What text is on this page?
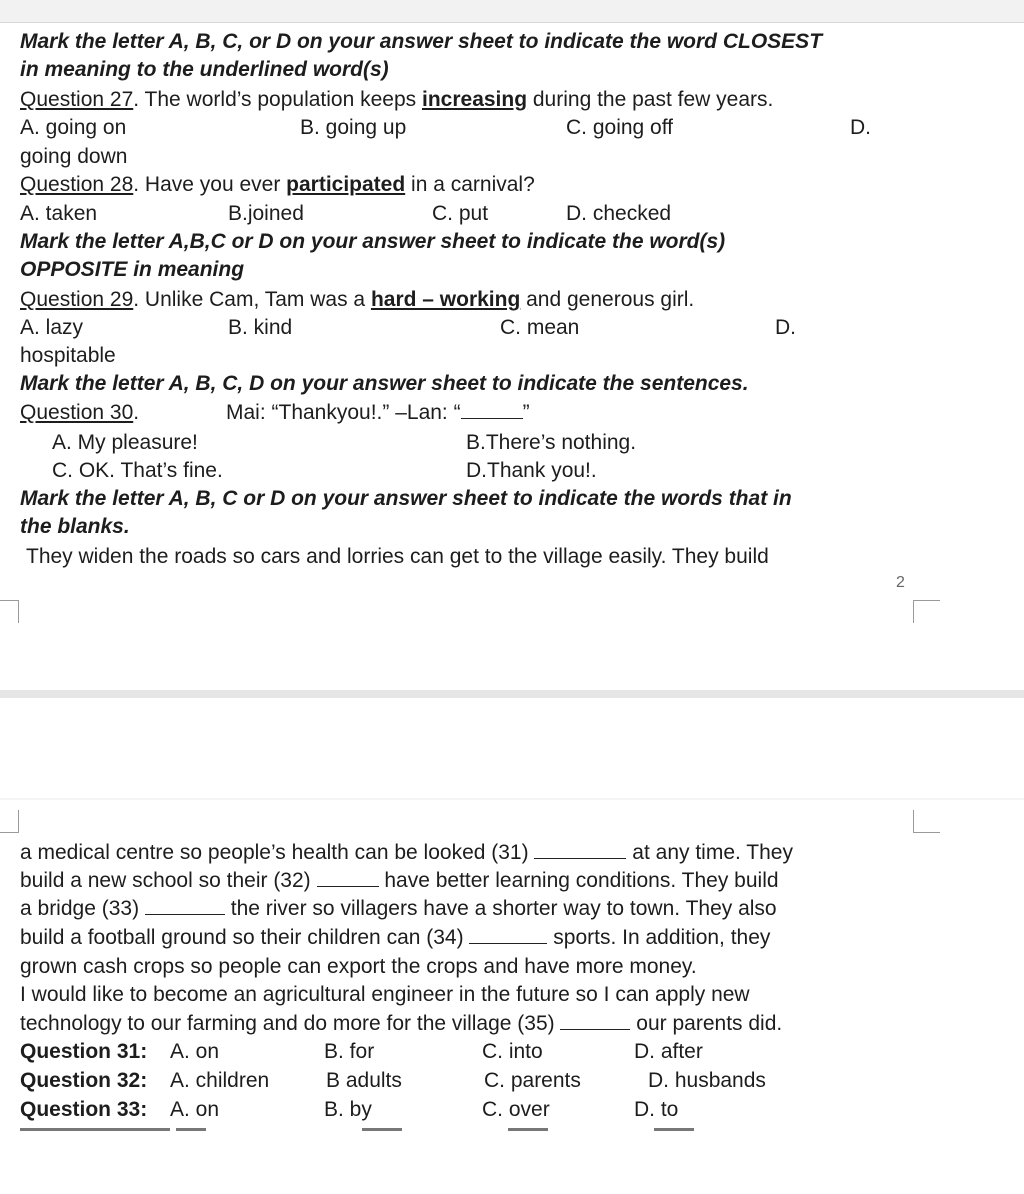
Mark the letter A, B, C, or D on your answer sheet to indicate the word CLOSEST
in meaning to the underlined word(s)
Question 27. The world’s population keeps increasing during the past few years.
A. going on	B. going up	C. going off	D.
going down
Question 28. Have you ever participated in a carnival?
A. taken	B.joined	C. put	D. checked
Mark the letter A,B,C or D on your answer sheet to indicate the word(s)
OPPOSITE in meaning
Question 29. Unlike Cam, Tam was a hard – working and generous girl.
A. lazy	B. kind	C. mean	D.
hospitable
Mark the letter A, B, C, D on your answer sheet to indicate the sentences.
Question 30.	Mai: “Thankyou!.” –Lan: “	”
A. My pleasure!	B.There’s nothing.
C. OK. That’s fine.	D.Thank you!.
Mark the letter A, B, C or D on your answer sheet to indicate the words that in
the blanks.
They widen the roads so cars and lorries can get to the village easily. They build
2
a medical centre so people’s health can be looked (31)	at any time. They
build a new school so their (32)	have better learning conditions. They build
a bridge (33)	the river so villagers have a shorter way to town. They also
build a football ground so their children can (34)	sports. In addition, they
grown cash crops so people can export the crops and have more money.
I would like to become an agricultural engineer in the future so I can apply new
technology to our farming and do more for the village (35)	our parents did.
Question 31: A. on	B. for	C. into	D. after
Question 32: A. children	B adults	C. parents	D. husbands
Question 33: A. on	B. by	C. over	D. to
